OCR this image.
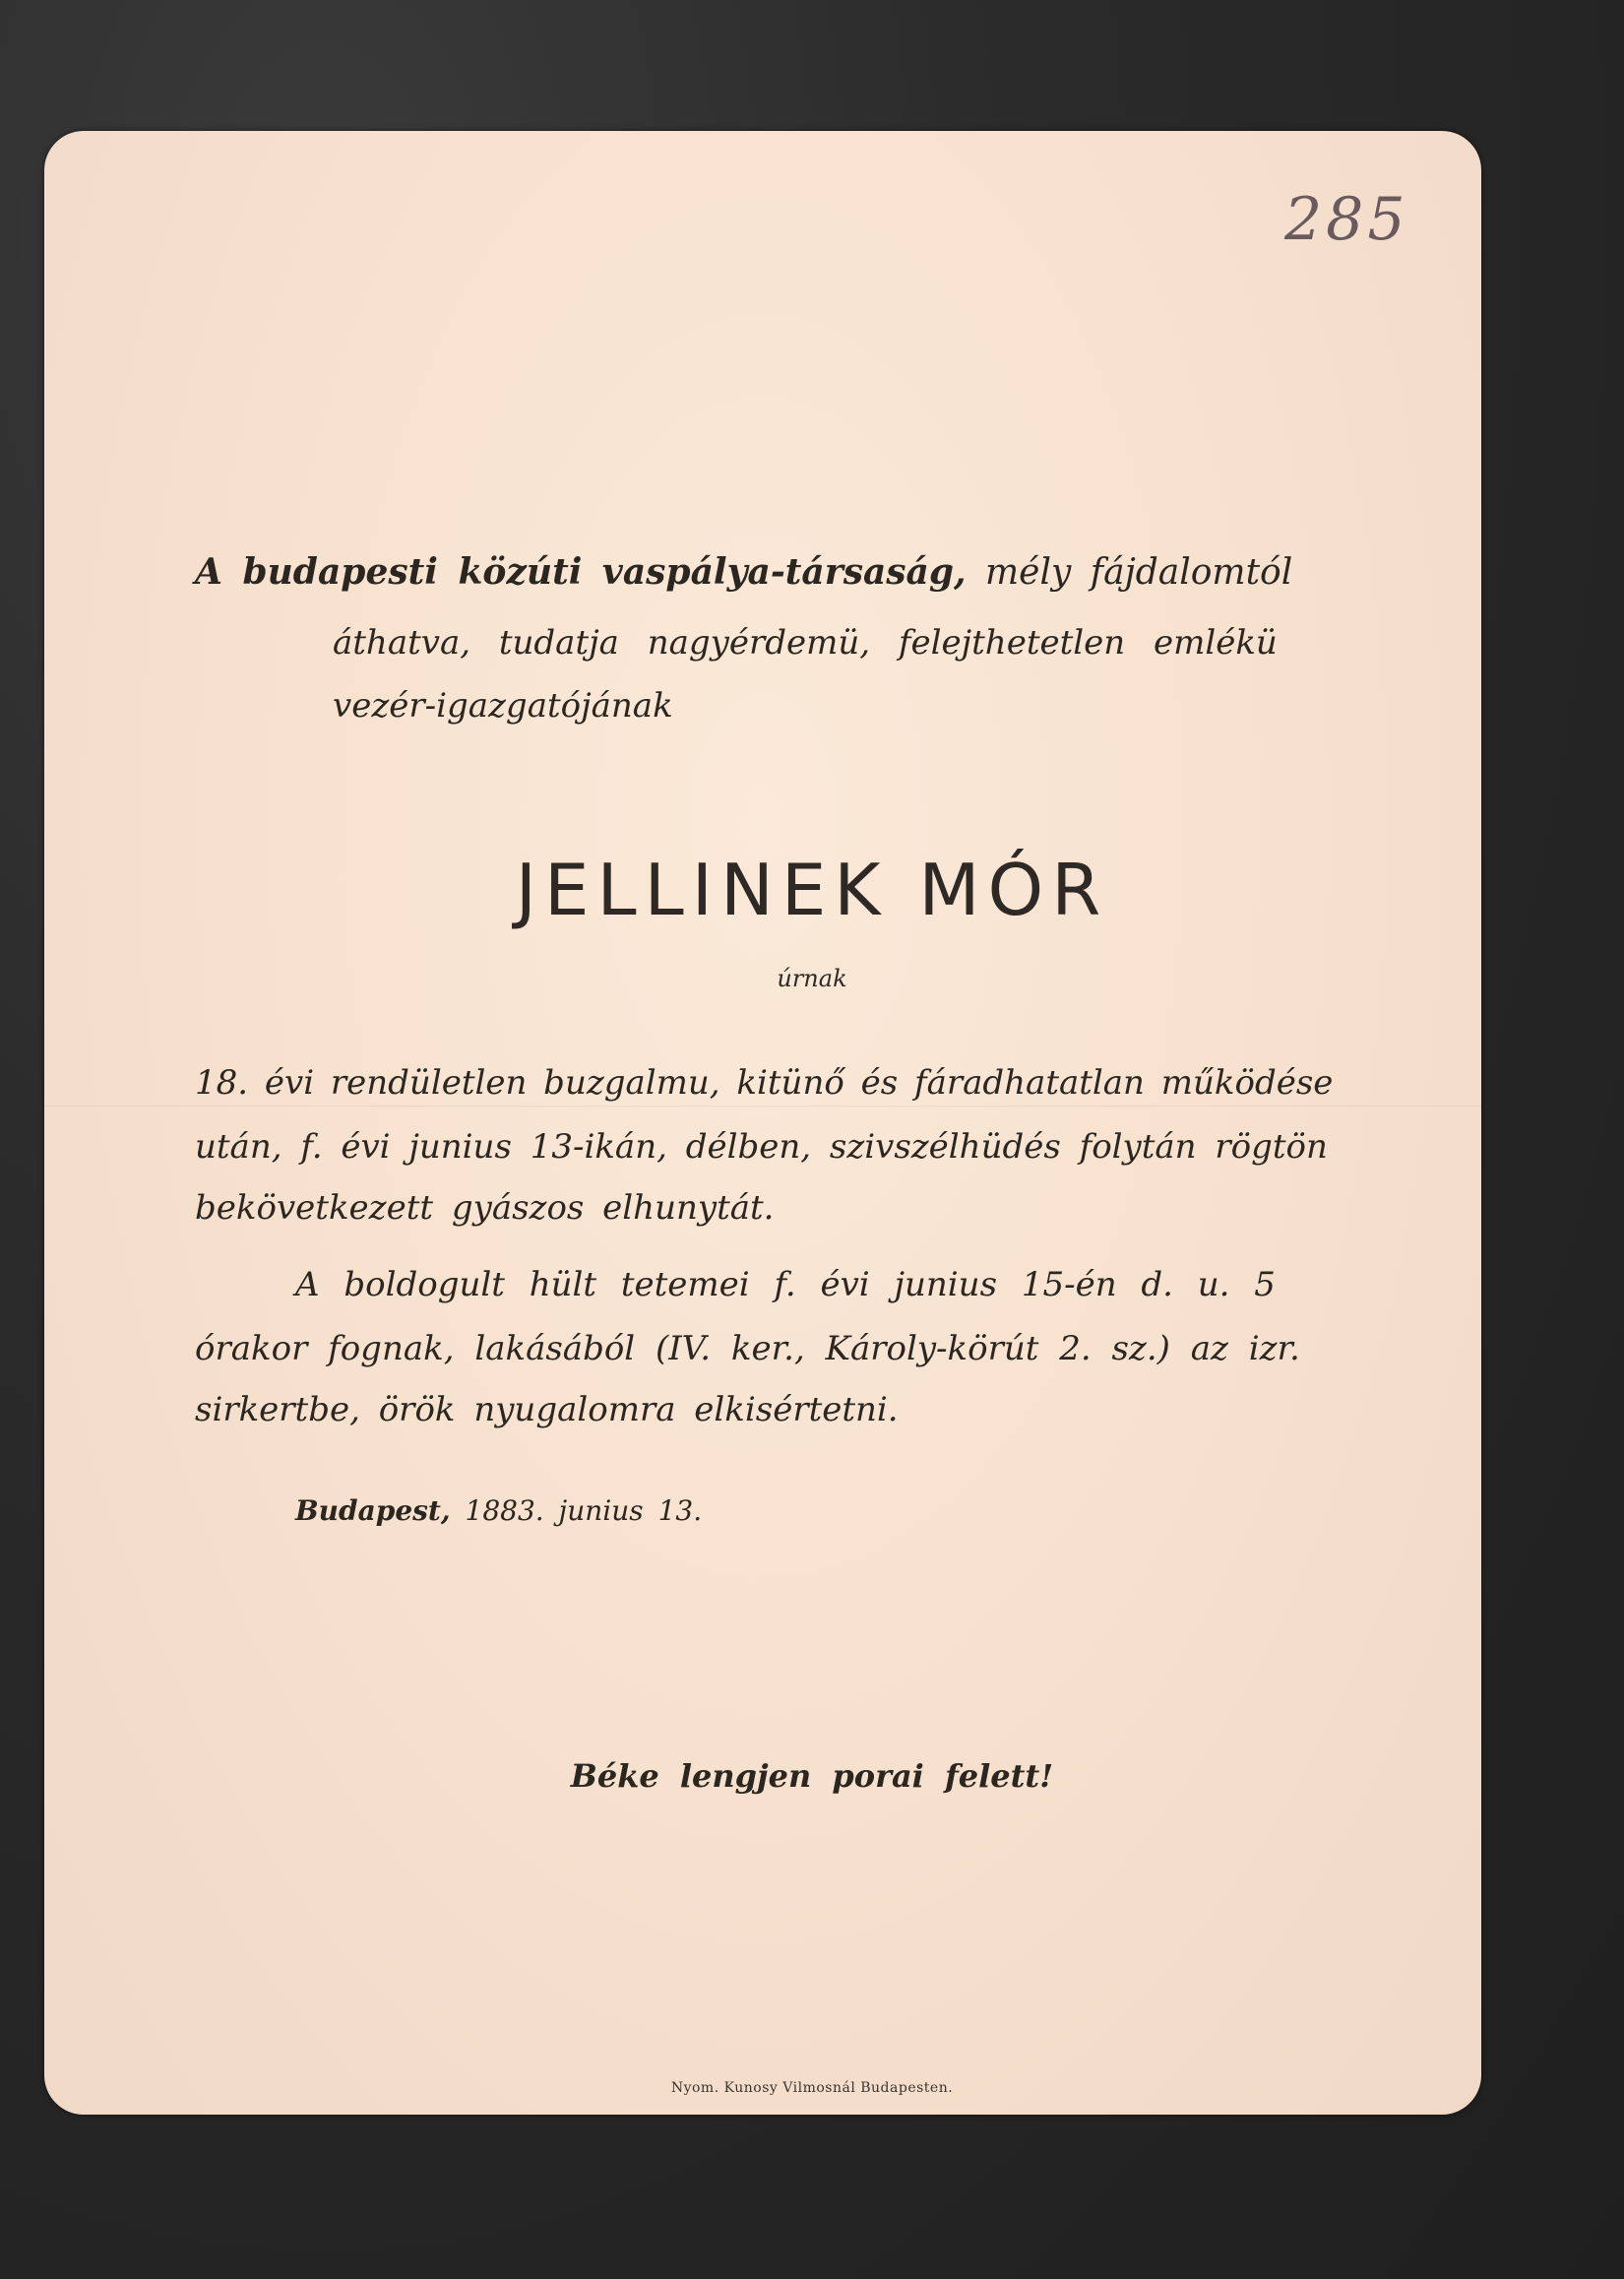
285
A budapesti közúti vaspálya-társaság, mély fájdalomtól
áthatva, tudatja nagyérdemü, felejthetetlen emlékü
vezér-igazgatójának
JELLINEK MÓR
úrnak
18. évi rendületlen buzgalmu, kitünő és fáradhatatlan működése
után, f. évi junius 13-ikán, délben, szivszélhüdés folytán rögtön
bekövetkezett gyászos elhunytát.
A boldogult hült tetemei f. évi junius 15-én d. u. 5
órakor fognak, lakásából (IV. ker., Károly-körút 2. sz.) az izr.
sirkertbe, örök nyugalomra elkisértetni.
Budapest, 1883. junius 13.
Béke lengjen porai felett!
Nyom. Kunosy Vilmosnál Budapesten.
